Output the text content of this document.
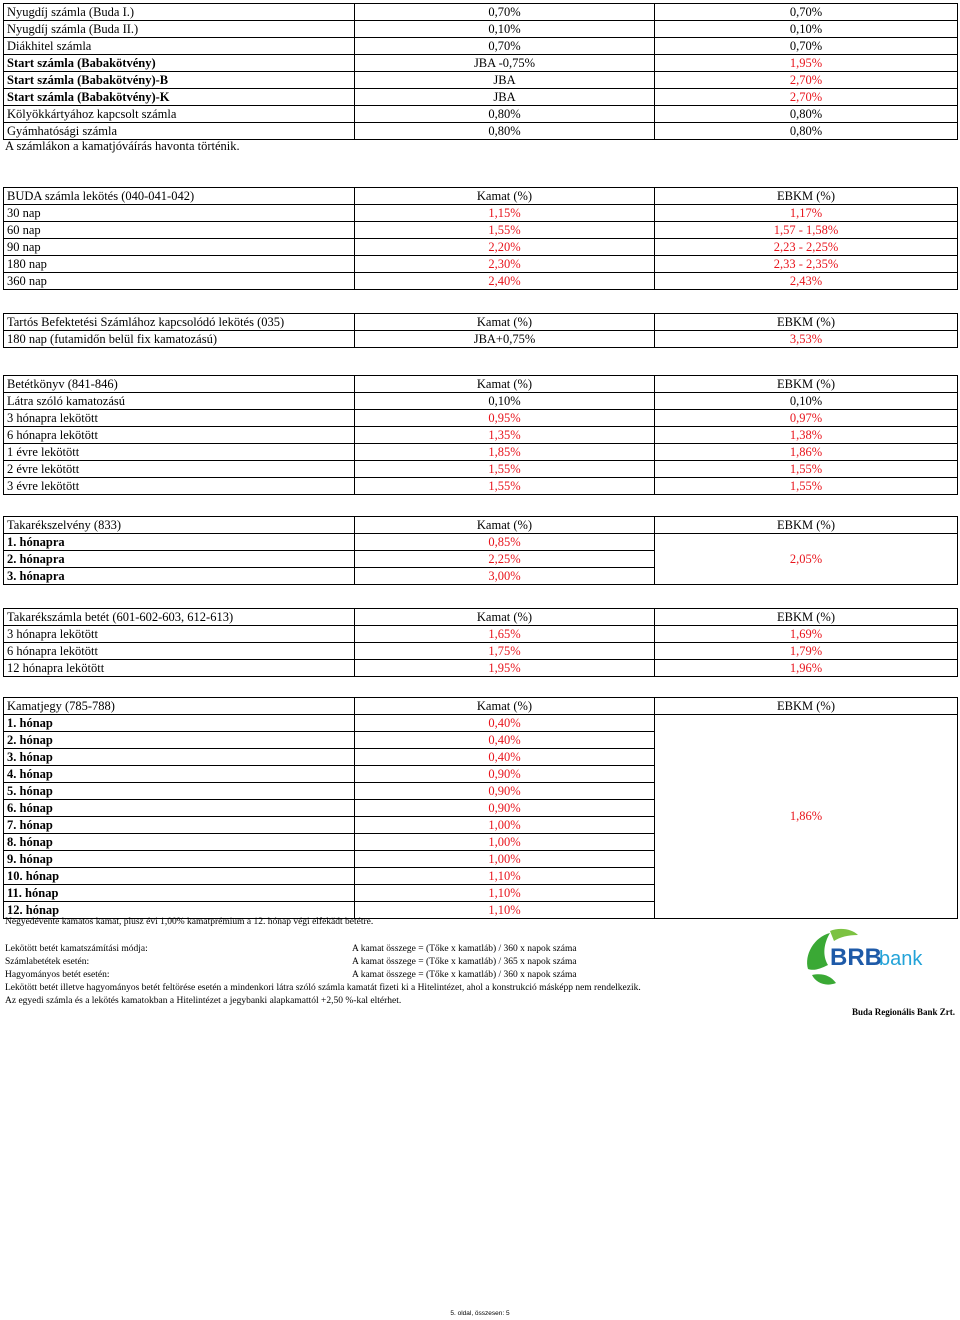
Nyugdíj számla (Buda I.)	0,70%	0,70%
Nyugdíj számla (Buda II.)	0,10%	0,10%
Diákhitel számla	0,70%	0,70%
Start számla (Babakötvény)	JBA -0,75%	1,95%
Start számla (Babakötvény)-B	JBA	2,70%
Start számla (Babakötvény)-K	JBA	2,70%
Kölyökkártyához kapcsolt számla	0,80%	0,80%
Gyámhatósági számla	0,80%	0,80%
A számlákon a kamatjóváírás havonta történik.
BUDA számla lekötés (040-041-042)	Kamat (%)	EBKM (%)
30 nap	1,15%	1,17%
60 nap	1,55%	1,57 - 1,58%
90 nap	2,20%	2,23 - 2,25%
180 nap	2,30%	2,33 - 2,35%
360 nap	2,40%	2,43%
Tartós Befektetési Számlához kapcsolódó lekötés (035)	Kamat (%)	EBKM (%)
180 nap (futamidőn belül fix kamatozású)	JBA+0,75%	3,53%
Betétkönyv (841-846)	Kamat (%)	EBKM (%)
Látra szóló kamatozású	0,10%	0,10%
3 hónapra lekötött	0,95%	0,97%
6 hónapra lekötött	1,35%	1,38%
1 évre lekötött	1,85%	1,86%
2 évre lekötött	1,55%	1,55%
3 évre lekötött	1,55%	1,55%
Takarékszelvény (833)	Kamat (%)	EBKM (%)
1. hónapra	0,85%	2,05%
2. hónapra	2,25%	
3. hónapra	3,00%	
Takarékszámla betét (601-602-603, 612-613)	Kamat (%)	EBKM (%)
3 hónapra lekötött	1,65%	1,69%
6 hónapra lekötött	1,75%	1,79%
12 hónapra lekötött	1,95%	1,96%
Kamatjegy (785-788)	Kamat (%)	EBKM (%)
1. hónap	0,40%	1,86%
2. hónap	0,40%	
3. hónap	0,40%	
4. hónap	0,90%	
5. hónap	0,90%	
6. hónap	0,90%	
7. hónap	1,00%	
8. hónap	1,00%	
9. hónap	1,00%	
10. hónap	1,10%	
11. hónap	1,10%	
12. hónap	1,10%	
Negyedévente kamatos kamat, plusz évi 1,00% kamatprémium a 12. hónap végi elfekădt betétre.
Lekötött betét kamatszámítási módja:	A kamat összege = (Tőke x kamatláb) / 360 x napok száma
Számlabetétek esetén:	A kamat összege = (Tőke x kamatláb) / 365 x napok száma
Hagyományos betét esetén:	A kamat összege = (Tőke x kamatláb) / 360 x napok száma
Lekötött betét illetve hagyományos betét feltörése esetén a mindenkori látra szóló számla kamatát fizeti ki a Hitelintézet, ahol a konstrukció másképp nem rendelkezik.
Az egyedi számla és a lekötés kamatokban a Hitelintézet a jegybanki alapkamattól +2,50 %-kal eltérhet.
BRB
bank
Buda Regionális Bank Zrt.
5. oldal, összesen: 5
